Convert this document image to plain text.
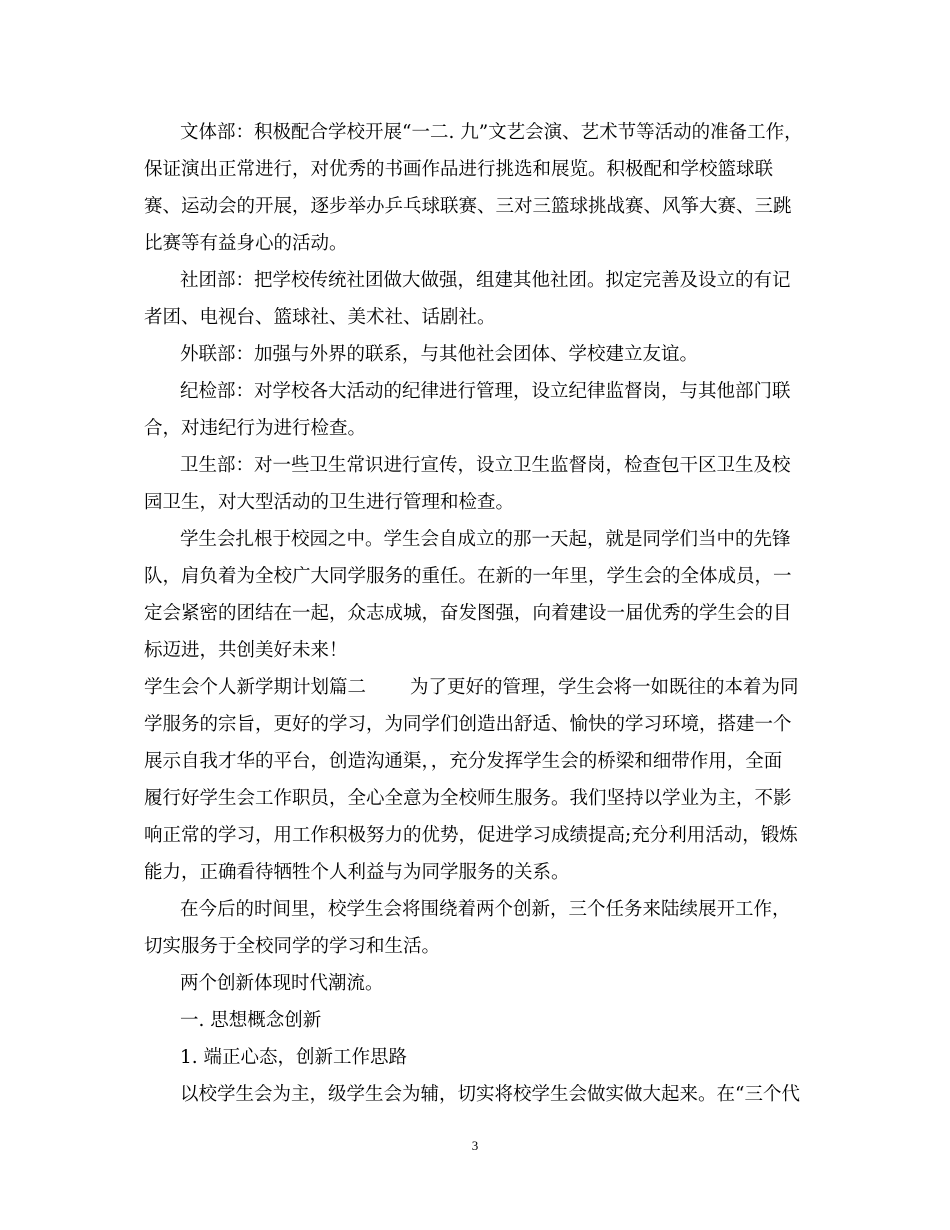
文体部：积极配合学校开展“一二. 九”文艺会演、艺术节等活动的准备工作，
保证演出正常进行，对优秀的书画作品进行挑选和展览。积极配和学校篮球联
赛、运动会的开展，逐步举办乒乓球联赛、三对三篮球挑战赛、风筝大赛、三跳
比赛等有益身心的活动。
社团部：把学校传统社团做大做强，组建其他社团。拟定完善及设立的有记
者团、电视台、篮球社、美术社、话剧社。
外联部：加强与外界的联系，与其他社会团体、学校建立友谊。
纪检部：对学校各大活动的纪律进行管理，设立纪律监督岗，与其他部门联
合，对违纪行为进行检查。
卫生部：对一些卫生常识进行宣传，设立卫生监督岗，检查包干区卫生及校
园卫生，对大型活动的卫生进行管理和检查。
学生会扎根于校园之中。学生会自成立的那一天起，就是同学们当中的先锋
队，肩负着为全校广大同学服务的重任。在新的一年里，学生会的全体成员，一
定会紧密的团结在一起，众志成城，奋发图强，向着建设一届优秀的学生会的目
标迈进，共创美好未来！
学生会个人新学期计划篇二 为了更好的管理，学生会将一如既往的本着为同
学服务的宗旨，更好的学习，为同学们创造出舒适、愉快的学习环境，搭建一个
展示自我才华的平台，创造沟通渠，，充分发挥学生会的桥梁和细带作用，全面
履行好学生会工作职员，全心全意为全校师生服务。我们坚持以学业为主，不影
响正常的学习，用工作积极努力的优势，促进学习成绩提高;充分利用活动，锻炼
能力，正确看待牺牲个人利益与为同学服务的关系。
在今后的时间里，校学生会将围绕着两个创新，三个任务来陆续展开工作，
切实服务于全校同学的学习和生活。
两个创新体现时代潮流。
一. 思想概念创新
1. 端正心态，创新工作思路
以校学生会为主，级学生会为辅，切实将校学生会做实做大起来。在“三个代
3
